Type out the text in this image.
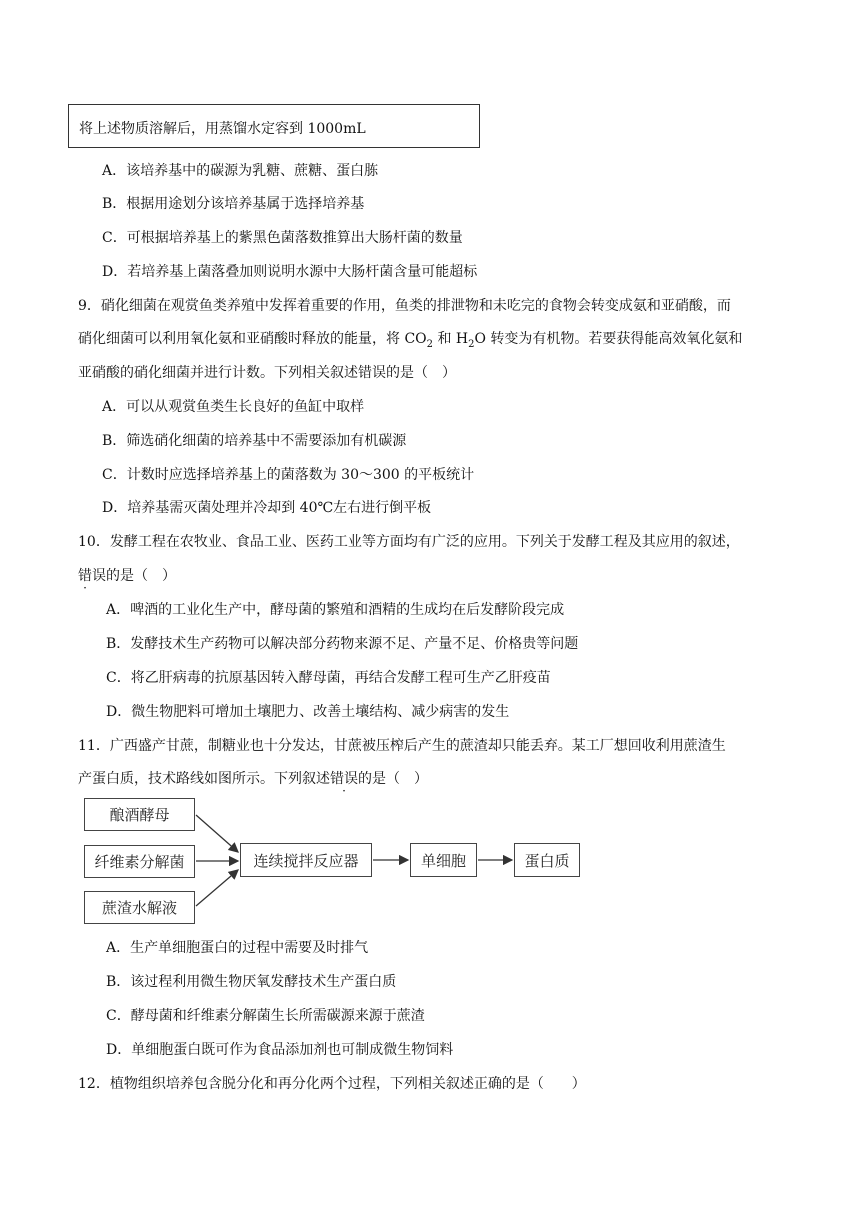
将上述物质溶解后，用蒸馏水定容到 1000mL
A．该培养基中的碳源为乳糖、蔗糖、蛋白胨
B．根据用途划分该培养基属于选择培养基
C．可根据培养基上的紫黑色菌落数推算出大肠杆菌的数量
D．若培养基上菌落叠加则说明水源中大肠杆菌含量可能超标
9．硝化细菌在观赏鱼类养殖中发挥着重要的作用，鱼类的排泄物和未吃完的食物会转变成氨和亚硝酸，而
硝化细菌可以利用氧化氨和亚硝酸时释放的能量，将 $CO_2$ 和 $H_2O$ 转变为有机物。若要获得能高效氧化氨和
亚硝酸的硝化细菌并进行计数。下列相关叙述错误的是（　）
A．可以从观赏鱼类生长良好的鱼缸中取样
B．筛选硝化细菌的培养基中不需要添加有机碳源
C．计数时应选择培养基上的菌落数为 30～300 的平板统计
D．培养基需灭菌处理并冷却到 40℃左右进行倒平板
10．发酵工程在农牧业、食品工业、医药工业等方面均有广泛的应用。下列关于发酵工程及其应用的叙述，
错误的是（　）
A．啤酒的工业化生产中，酵母菌的繁殖和酒精的生成均在后发酵阶段完成
B．发酵技术生产药物可以解决部分药物来源不足、产量不足、价格贵等问题
C．将乙肝病毒的抗原基因转入酵母菌，再结合发酵工程可生产乙肝疫苗
D．微生物肥料可增加土壤肥力、改善土壤结构、减少病害的发生
11．广西盛产甘蔗，制糖业也十分发达，甘蔗被压榨后产生的蔗渣却只能丢弃。某工厂想回收利用蔗渣生
产蛋白质，技术路线如图所示。下列叙述错误的是（　）
酿酒酵母
纤维素分解菌
蔗渣水解液
连续搅拌反应器	单细胞	蛋白质
A．生产单细胞蛋白的过程中需要及时排气
B．该过程利用微生物厌氧发酵技术生产蛋白质
C．酵母菌和纤维素分解菌生长所需碳源来源于蔗渣
D．单细胞蛋白既可作为食品添加剂也可制成微生物饲料
12．植物组织培养包含脱分化和再分化两个过程，下列相关叙述正确的是（　　）
